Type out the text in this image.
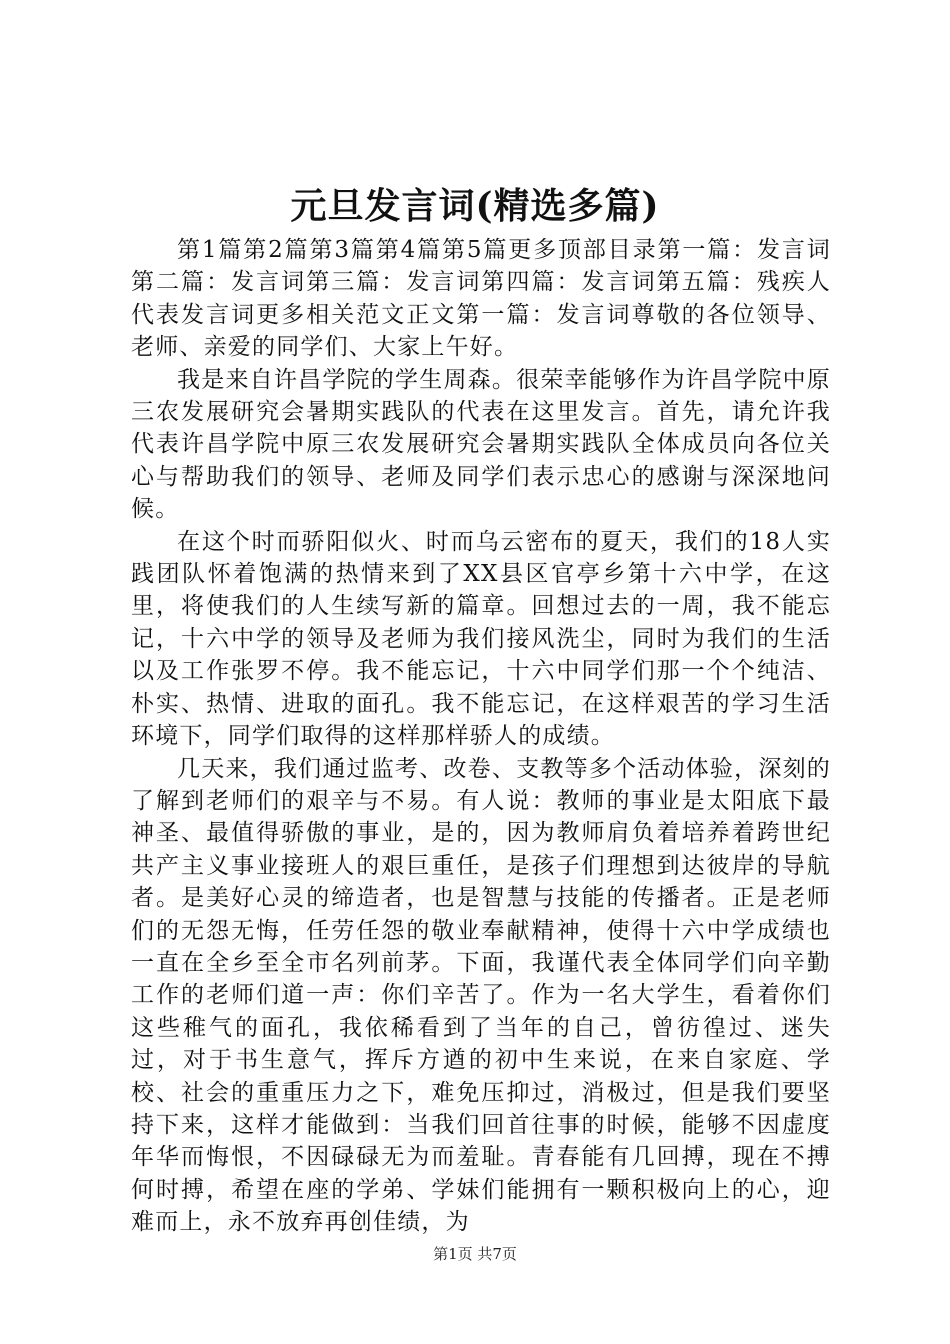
元旦发言词(精选多篇)

第1篇第2篇第3篇第4篇第5篇更多顶部目录第一篇：发言词第二篇：发言词第三篇：发言词第四篇：发言词第五篇：残疾人代表发言词更多相关范文正文第一篇：发言词尊敬的各位领导、老师、亲爱的同学们、大家上午好。

我是来自许昌学院的学生周森。很荣幸能够作为许昌学院中原三农发展研究会暑期实践队的代表在这里发言。首先，请允许我代表许昌学院中原三农发展研究会暑期实践队全体成员向各位关心与帮助我们的领导、老师及同学们表示忠心的感谢与深深地问候。

在这个时而骄阳似火、时而乌云密布的夏天，我们的18人实践团队怀着饱满的热情来到了XX县区官亭乡第十六中学，在这里，将使我们的人生续写新的篇章。回想过去的一周，我不能忘记，十六中学的领导及老师为我们接风洗尘，同时为我们的生活以及工作张罗不停。我不能忘记，十六中同学们那一个个纯洁、朴实、热情、进取的面孔。我不能忘记，在这样艰苦的学习生活环境下，同学们取得的这样那样骄人的成绩。

几天来，我们通过监考、改卷、支教等多个活动体验，深刻的了解到老师们的艰辛与不易。有人说：教师的事业是太阳底下最神圣、最值得骄傲的事业，是的，因为教师肩负着培养着跨世纪共产主义事业接班人的艰巨重任，是孩子们理想到达彼岸的导航者。是美好心灵的缔造者，也是智慧与技能的传播者。正是老师们的无怨无悔，任劳任怨的敬业奉献精神，使得十六中学成绩也一直在全乡至全市名列前茅。下面，我谨代表全体同学们向辛勤工作的老师们道一声：你们辛苦了。作为一名大学生，看着你们这些稚气的面孔，我依稀看到了当年的自己，曾彷徨过、迷失过，对于书生意气，挥斥方遒的初中生来说，在来自家庭、学校、社会的重重压力之下，难免压抑过，消极过，但是我们要坚持下来，这样才能做到：当我们回首往事的时候，能够不因虚度年华而悔恨，不因碌碌无为而羞耻。青春能有几回搏，现在不搏何时搏，希望在座的学弟、学妹们能拥有一颗积极向上的心，迎难而上，永不放弃再创佳绩，为

第1页 共7页
